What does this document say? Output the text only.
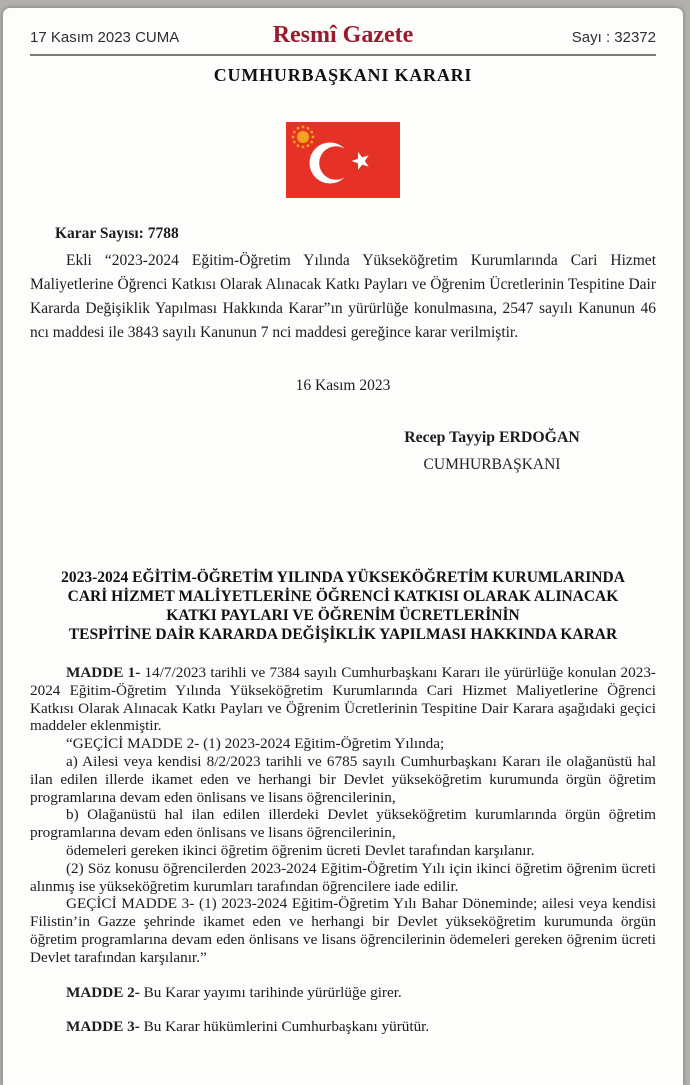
17 Kasım 2023 CUMA	Resmî Gazete	Sayı : 32372
CUMHURBAŞKANI KARARI

Karar Sayısı: 7788

Ekli “2023-2024 Eğitim-Öğretim Yılında Yükseköğretim Kurumlarında Cari Hizmet Maliyetlerine Öğrenci Katkısı Olarak Alınacak Katkı Payları ve Öğrenim Ücretlerinin Tespitine Dair Kararda Değişiklik Yapılması Hakkında Karar”ın yürürlüğe konulmasına, 2547 sayılı Kanunun 46 ncı maddesi ile 3843 sayılı Kanunun 7 nci maddesi gereğince karar verilmiştir.

16 Kasım 2023

Recep Tayyip ERDOĞAN
CUMHURBAŞKANI
2023-2024 EĞİTİM-ÖĞRETİM YILINDA YÜKSEKÖĞRETİM KURUMLARINDA
CARİ HİZMET MALİYETLERİNE ÖĞRENCİ KATKISI OLARAK ALINACAK
KATKI PAYLARI VE ÖĞRENİM ÜCRETLERİNİN
TESPİTİNE DAİR KARARDA DEĞİŞİKLİK YAPILMASI HAKKINDA KARAR

MADDE 1- 14/7/2023 tarihli ve 7384 sayılı Cumhurbaşkanı Kararı ile yürürlüğe konulan 2023-2024 Eğitim-Öğretim Yılında Yükseköğretim Kurumlarında Cari Hizmet Maliyetlerine Öğrenci Katkısı Olarak Alınacak Katkı Payları ve Öğrenim Ücretlerinin Tespitine Dair Karara aşağıdaki geçici maddeler eklenmiştir.

“GEÇİCİ MADDE 2- (1) 2023-2024 Eğitim-Öğretim Yılında;

a) Ailesi veya kendisi 8/2/2023 tarihli ve 6785 sayılı Cumhurbaşkanı Kararı ile olağanüstü hal ilan edilen illerde ikamet eden ve herhangi bir Devlet yükseköğretim kurumunda örgün öğretim programlarına devam eden önlisans ve lisans öğrencilerinin,

b) Olağanüstü hal ilan edilen illerdeki Devlet yükseköğretim kurumlarında örgün öğretim programlarına devam eden önlisans ve lisans öğrencilerinin,

ödemeleri gereken ikinci öğretim öğrenim ücreti Devlet tarafından karşılanır.

(2) Söz konusu öğrencilerden 2023-2024 Eğitim-Öğretim Yılı için ikinci öğretim öğrenim ücreti alınmış ise yükseköğretim kurumları tarafından öğrencilere iade edilir.

GEÇİCİ MADDE 3- (1) 2023-2024 Eğitim-Öğretim Yılı Bahar Döneminde; ailesi veya kendisi Filistin’in Gazze şehrinde ikamet eden ve herhangi bir Devlet yükseköğretim kurumunda örgün öğretim programlarına devam eden önlisans ve lisans öğrencilerinin ödemeleri gereken öğrenim ücreti Devlet tarafından karşılanır.”

MADDE 2- Bu Karar yayımı tarihinde yürürlüğe girer.

MADDE 3- Bu Karar hükümlerini Cumhurbaşkanı yürütür.
